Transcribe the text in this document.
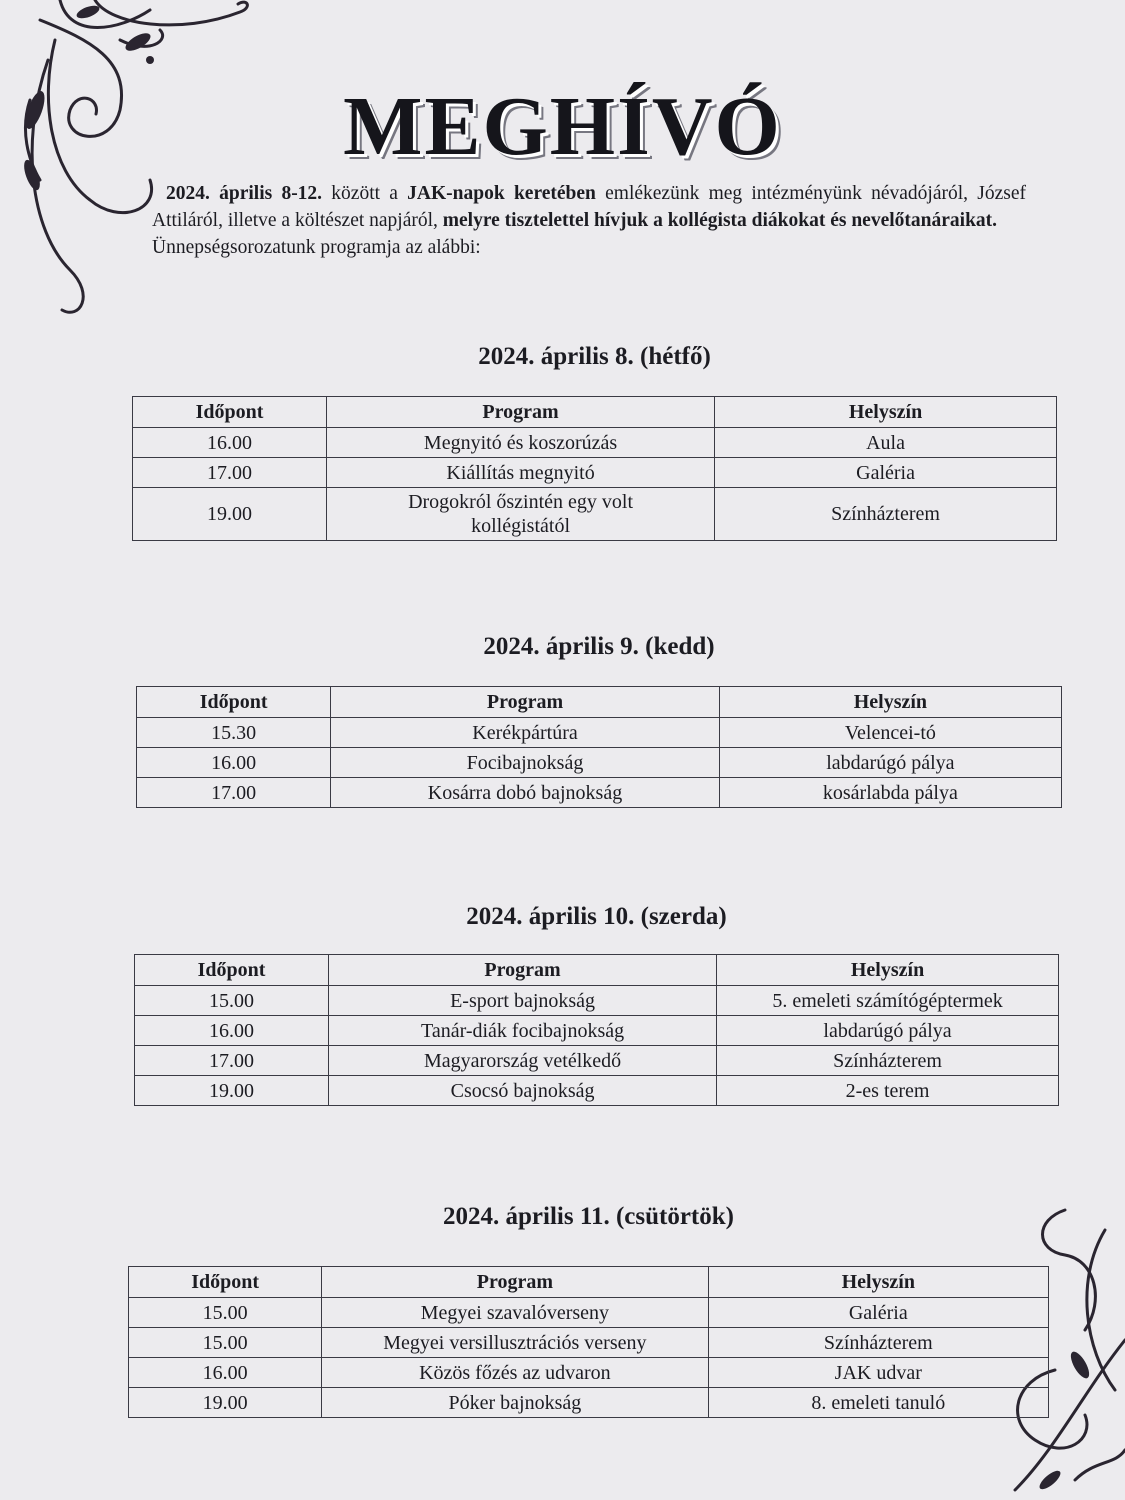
MEGHÍVÓ
2024. április 8-12. között a JAK-napok keretében emlékezünk meg intézményünk névadójáról, József Attiláról, illetve a költészet napjáról, melyre tisztelettel hívjuk a kollégista diákokat és nevelőtanáraikat.
Ünnepségsorozatunk programja az alábbi:
2024. április 8. (hétfő)
Időpont	Program	Helyszín
16.00	Megnyitó és koszorúzás	Aula
17.00	Kiállítás megnyitó	Galéria
19.00	Drogokról őszintén egy volt kollégistától	Színházterem
2024. április 9. (kedd)
Időpont	Program	Helyszín
15.30	Kerékpártúra	Velencei-tó
16.00	Focibajnokság	labdarúgó pálya
17.00	Kosárra dobó bajnokság	kosárlabda pálya
2024. április 10. (szerda)
Időpont	Program	Helyszín
15.00	E-sport bajnokság	5. emeleti számítógéptermek
16.00	Tanár-diák focibajnokság	labdarúgó pálya
17.00	Magyarország vetélkedő	Színházterem
19.00	Csocsó bajnokság	2-es terem
2024. április 11. (csütörtök)
Időpont	Program	Helyszín
15.00	Megyei szavalóverseny	Galéria
15.00	Megyei versillusztrációs verseny	Színházterem
16.00	Közös főzés az udvaron	JAK udvar
19.00	Póker bajnokság	8. emeleti tanuló
